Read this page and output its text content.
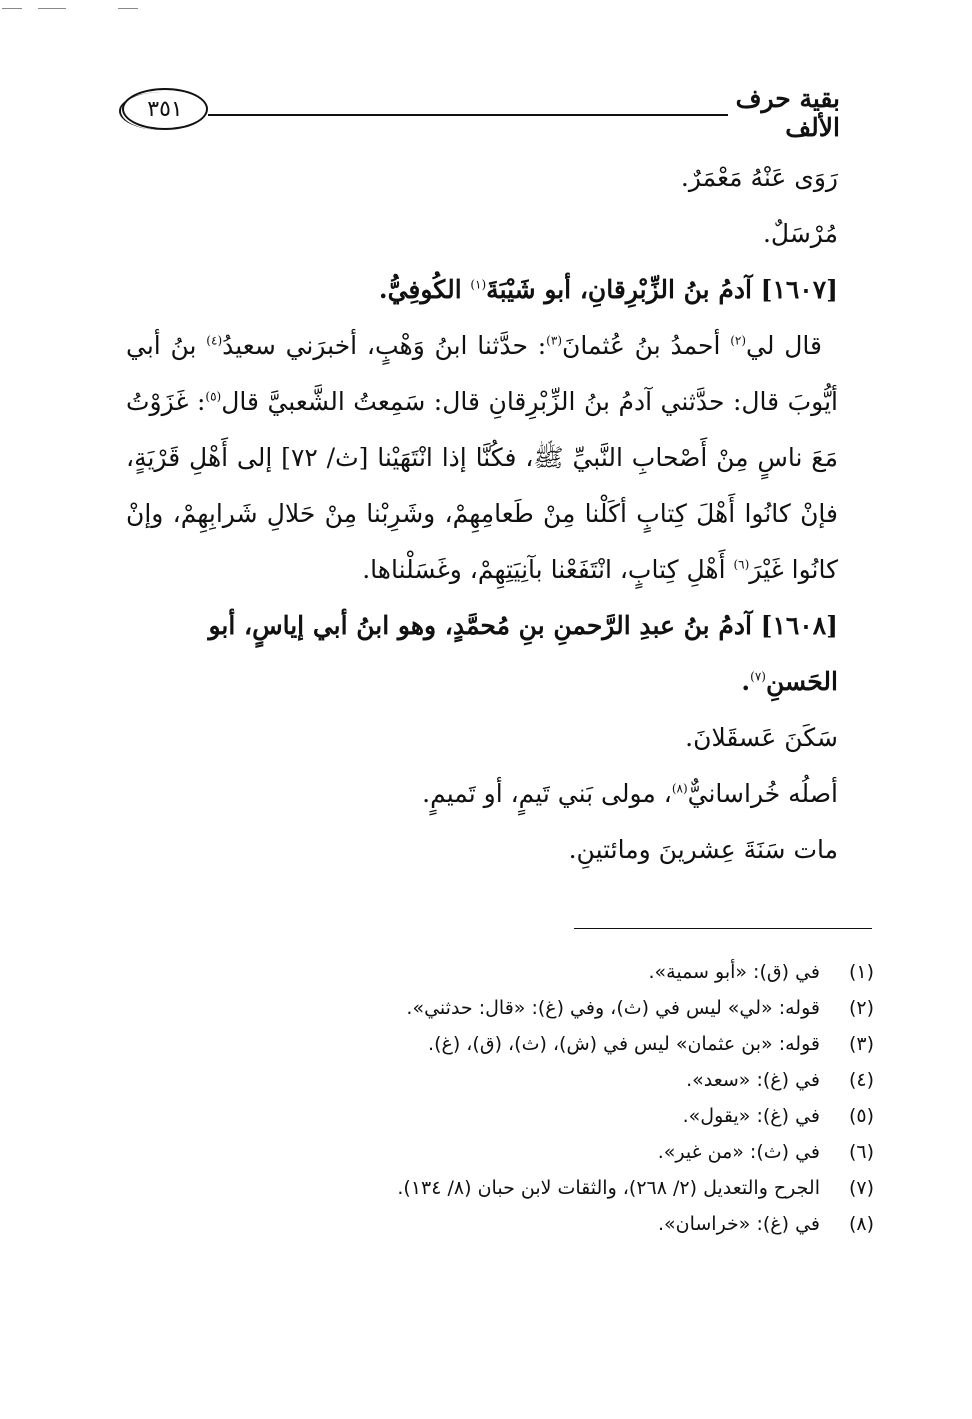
٣٥١	بقية حرف الألف

رَوَى عَنْهُ مَعْمَرٌ.

مُرْسَلٌ.

[١٦٠٧] آدمُ بنُ الزِّبْرِقانِ، أبو شَيْبَةَ$^{(١)}$ الكُوفِيُّ.

قال لي$^{(٢)}$ أحمدُ بنُ عُثمانَ$^{(٣)}$: حدَّثنا ابنُ وَهْبٍ، أخبرَني سعيدُ$^{(٤)}$ بنُ أبي أيُّوبَ قال: حدَّثني آدمُ بنُ الزِّبْرِقانِ قال: سَمِعتُ الشَّعبيَّ قال$^{(٥)}$: غَزَوْتُ مَعَ ناسٍ مِنْ أَصْحابِ النَّبيِّ ﷺ، فكُنَّا إذا انْتَهَيْنا [ث/ ٧٢] إلى أَهْلِ قَرْيَةٍ، فإنْ كانُوا أَهْلَ كِتابٍ أكَلْنا مِنْ طَعامِهِمْ، وشَرِبْنا مِنْ حَلالِ شَرابِهِمْ، وإنْ كانُوا غَيْرَ$^{(٦)}$ أَهْلِ كِتابٍ، انْتَفَعْنا بآنِيَتِهِمْ، وغَسَلْناها.

[١٦٠٨] آدمُ بنُ عبدِ الرَّحمنِ بنِ مُحمَّدٍ، وهو ابنُ أبي إياسٍ، أبو الحَسنِ$^{(٧)}$.

سَكَنَ عَسقَلانَ.

أصلُه خُراسانيٌّ$^{(٨)}$، مولى بَني تَيمٍ، أو تَميمٍ.

مات سَنَةَ عِشرينَ ومائتينِ.

(١)
في (ق): «أبو سمية».
(٢)
قوله: «لي» ليس في (ث)، وفي (غ): «قال: حدثني».
(٣)
قوله: «بن عثمان» ليس في (ش)، (ث)، (ق)، (غ).
(٤)
في (غ): «سعد».
(٥)
في (غ): «يقول».
(٦)
في (ث): «من غير».
(٧)
الجرح والتعديل (٢/ ٢٦٨)، والثقات لابن حبان (٨/ ١٣٤).
(٨)
في (غ): «خراسان».
